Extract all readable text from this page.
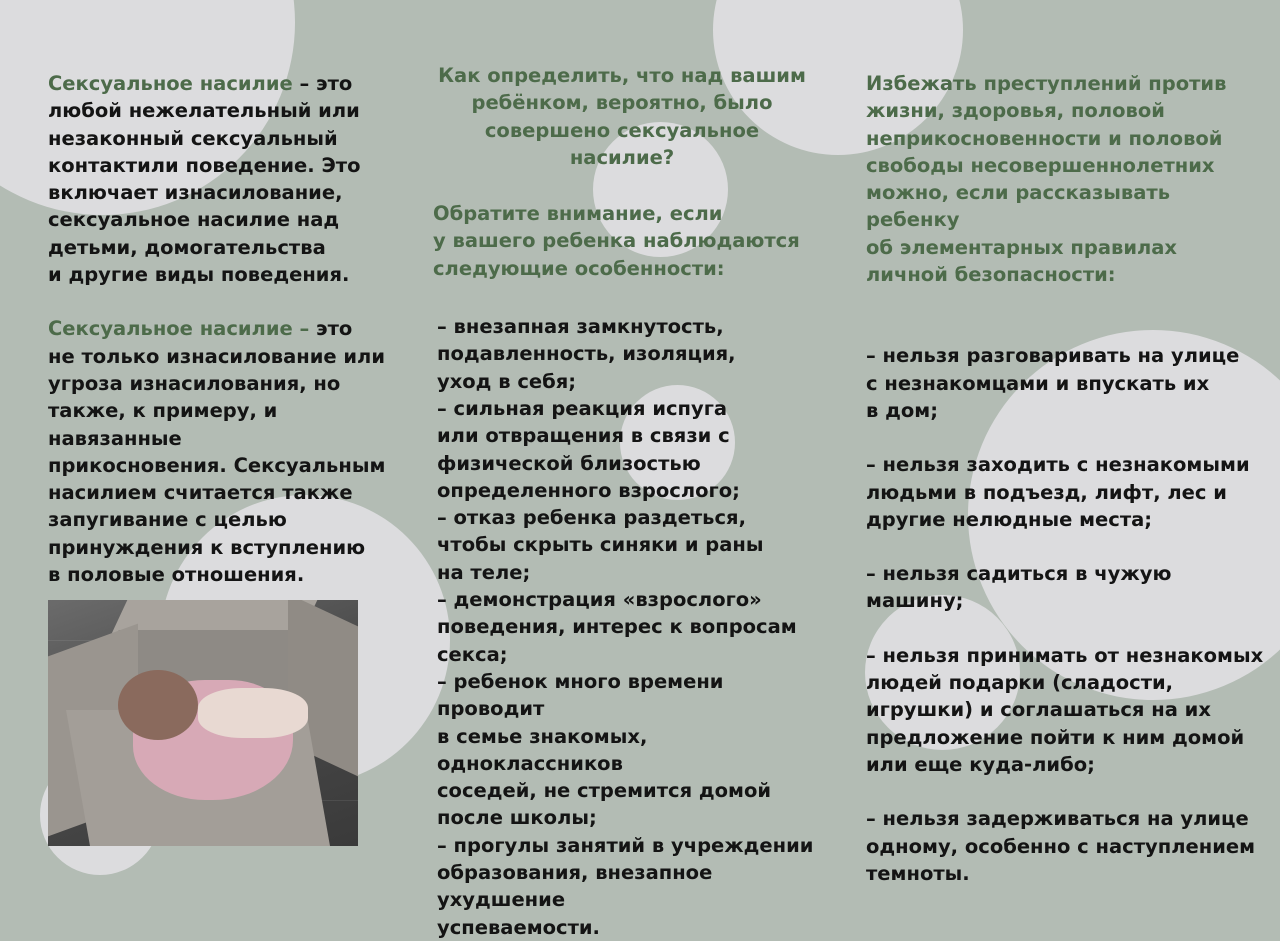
Сексуальное насилие – это
любой нежелательный или
незаконный сексуальный
контактили поведение. Это
включает изнасилование,
сексуальное насилие над
детьми, домогательства
и другие виды поведения.

Сексуальное насилие – это
не только изнасилование или
угроза изнасилования, но
также, к примеру, и навязанные
прикосновения. Сексуальным
насилием считается также
запугивание с целью
принуждения к вступлению
в половые отношения.

Как определить, что над вашим
ребёнком, вероятно, было
совершено сексуальное насилие?

Обратите внимание, если
у вашего ребенка наблюдаются
следующие особенности:

– внезапная замкнутость,
подавленность, изоляция,
уход в себя;
– сильная реакция испуга
или отвращения в связи с
физической близостью
определенного взрослого;
– отказ ребенка раздеться,
чтобы скрыть синяки и раны
на теле;
– демонстрация «взрослого»
поведения, интерес к вопросам
секса;
– ребенок много времени проводит
в семье знакомых, одноклассников
соседей, не стремится домой
после школы;
– прогулы занятий в учреждении
образования, внезапное ухудшение
успеваемости.

Избежать преступлений против
жизни, здоровья, половой
неприкосновенности и половой
свободы несовершеннолетних
можно, если рассказывать ребенку
об элементарных правилах
личной безопасности:

– нельзя разговаривать на улице
с незнакомцами и впускать их
в дом;

– нельзя заходить с незнакомыми
людьми в подъезд, лифт, лес и
другие нелюдные места;

– нельзя садиться в чужую машину;

– нельзя принимать от незнакомых
людей подарки (сладости,
игрушки) и соглашаться на их
предложение пойти к ним домой
или еще куда-либо;

– нельзя задерживаться на улице
одному, особенно с наступлением
темноты.
